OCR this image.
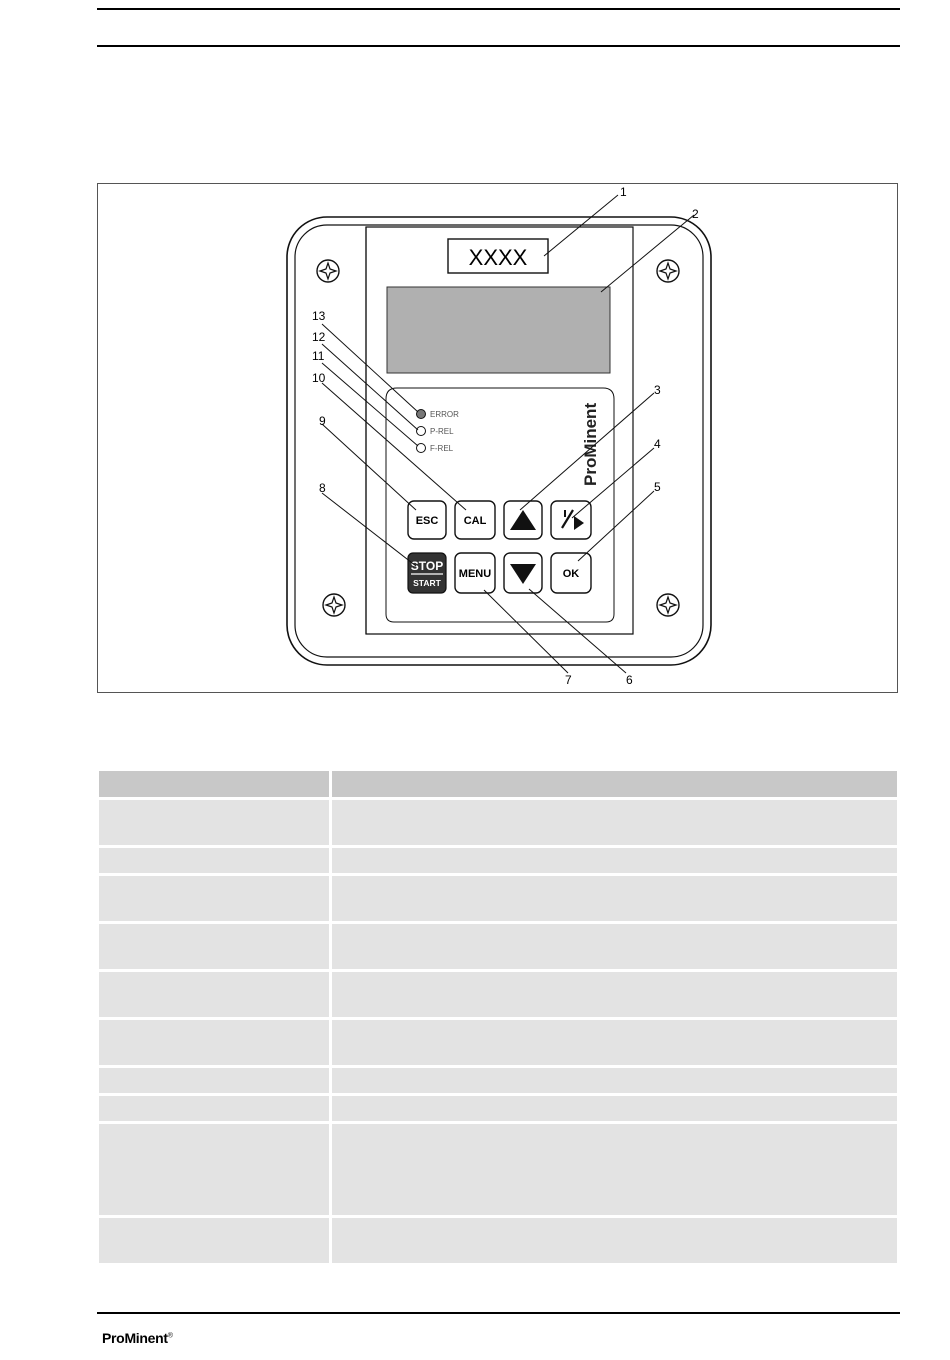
XXXX
ERROR
P-REL
F-REL	ProMinent
ESC CAL
STOP
START
MENU	OK
1
2
3
4
5
6
7
8
9
10
11
12
13
ProMinent®
